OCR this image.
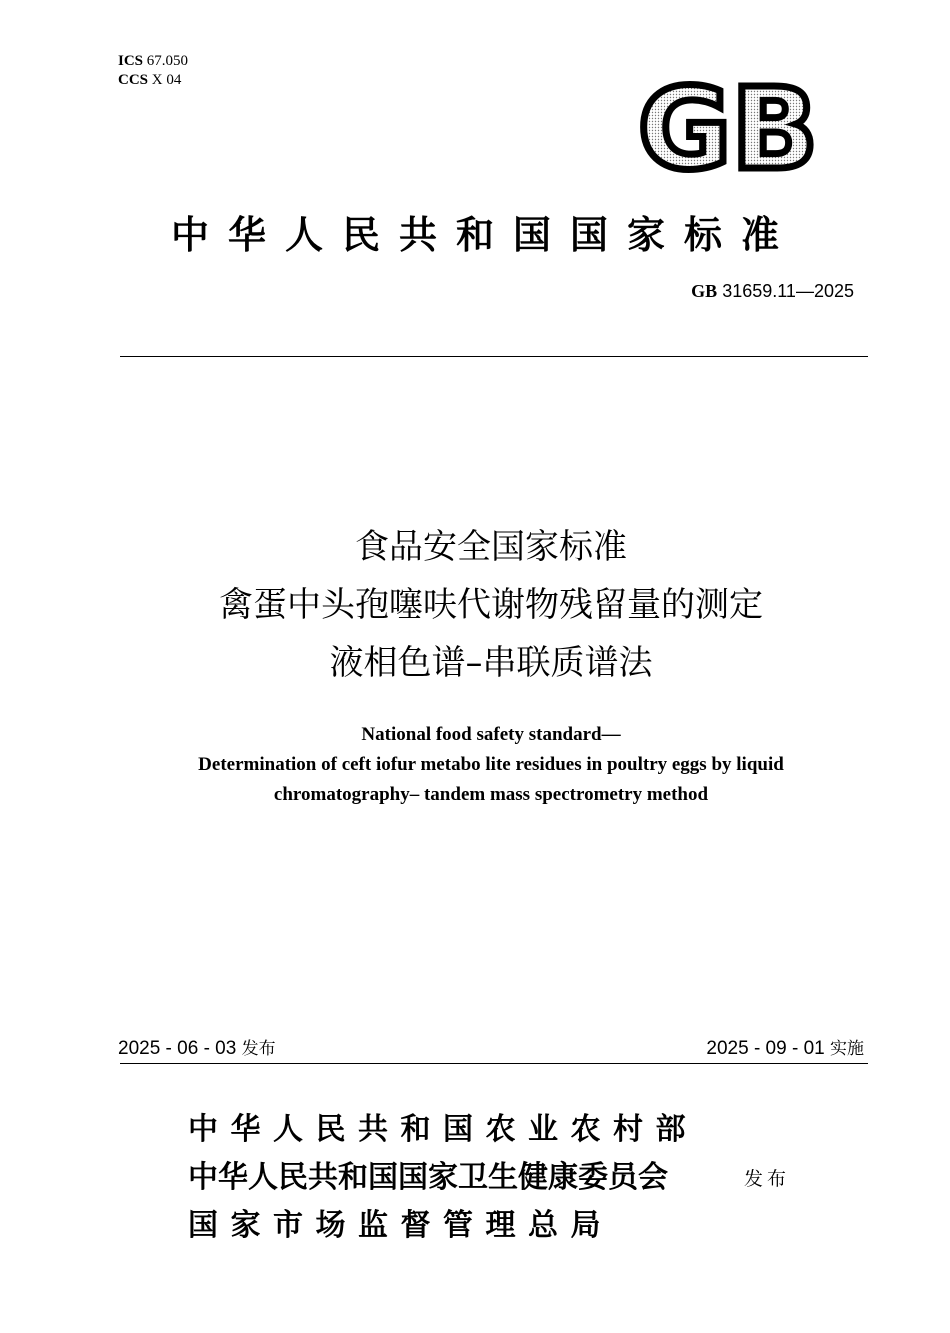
ICS 67.050
CCS X 04	GB
中华人民共和国国家标准
GB 31659.11—2025
食品安全国家标准
禽蛋中头孢噻呋代谢物残留量的测定
液相色谱–串联质谱法
National food safety standard—
Determination of ceft iofur metabo lite residues in poultry eggs by liquid
chromatography– tandem mass spectrometry method
2025 - 06 - 03 发布	2025 - 09 - 01 实施
中华人民共和国农业农村部
中华人民共和国国家卫生健康委员会
国家市场监督管理总局
发布
